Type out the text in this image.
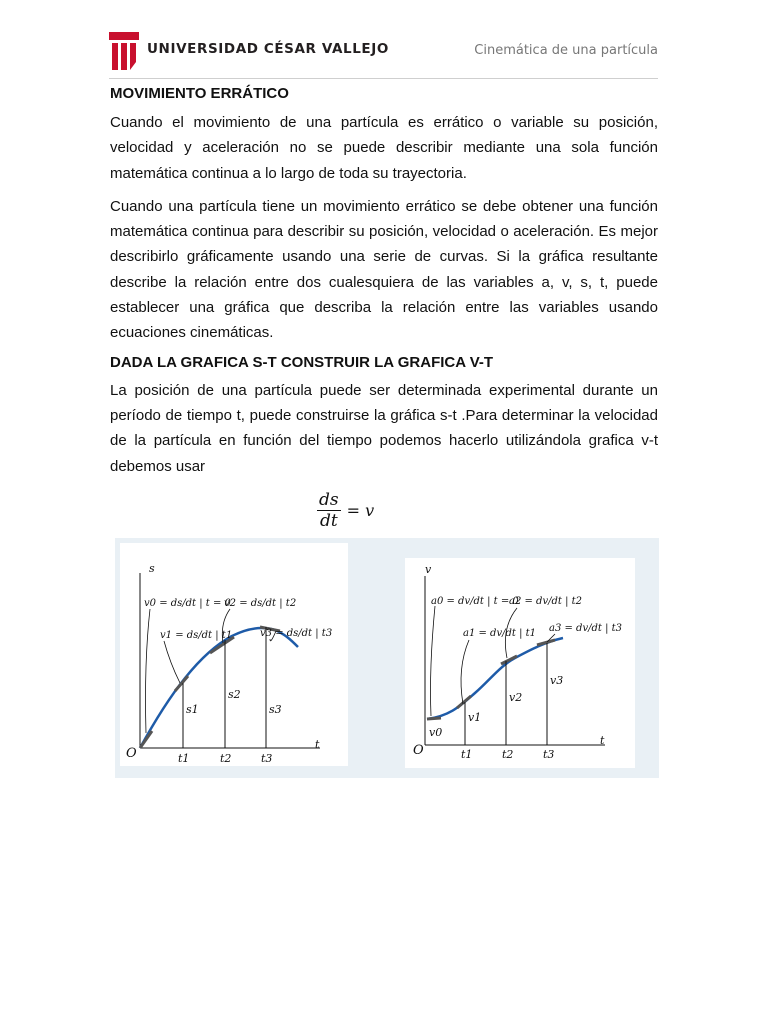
UNIVERSIDAD CÉSAR VALLEJO	Cinemática de una partícula
MOVIMIENTO ERRÁTICO

Cuando el movimiento de una partícula es errático o variable su posición, velocidad y aceleración no se puede describir mediante una sola función matemática continua a lo largo de toda su trayectoria.

Cuando una partícula tiene un movimiento errático se debe obtener una función matemática continua para describir su posición, velocidad o aceleración. Es mejor describirlo gráficamente usando una serie de curvas. Si la gráfica resultante describe la relación entre dos cualesquiera de las variables a, v, s, t, puede establecer una gráfica que describa la relación entre las variables usando ecuaciones cinemáticas.

DADA LA GRAFICA S-T CONSTRUIR LA GRAFICA V-T

La posición de una partícula puede ser determinada experimental durante un período de tiempo t, puede construirse la gráfica s-t .Para determinar la velocidad de la partícula en función del tiempo podemos hacerlo utilizándola grafica v-t debemos usar

$\frac{ds}{dt} = v$
s
t
O	t1	t2	t3
s1
s2
s3
v0 = ds/dt | t = 0
v2 = ds/dt | t2
v1 = ds/dt | t1	v3 = ds/dt | t3
v
t
O	t1	t2	t3
v0
v1
v2
v3
a0 = dv/dt | t = 0
a2 = dv/dt | t2
a1 = dv/dt | t1 a3 = dv/dt | t3
